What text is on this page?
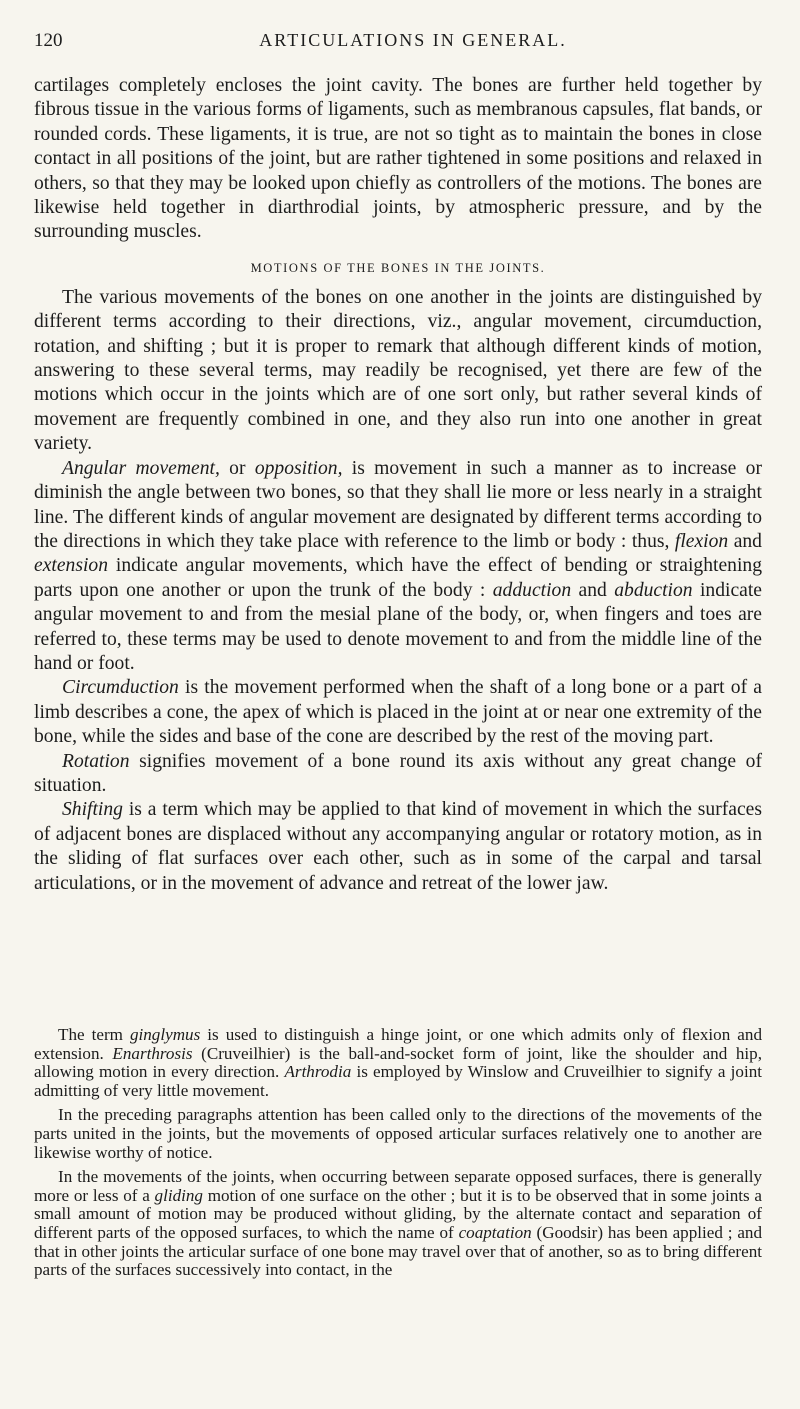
120	ARTICULATIONS IN GENERAL.

cartilages completely encloses the joint cavity. The bones are further held together by fibrous tissue in the various forms of ligaments, such as membranous capsules, flat bands, or rounded cords. These ligaments, it is true, are not so tight as to maintain the bones in close contact in all positions of the joint, but are rather tightened in some positions and relaxed in others, so that they may be looked upon chiefly as controllers of the motions. The bones are likewise held together in diarthrodial joints, by atmospheric pressure, and by the surrounding muscles.

MOTIONS OF THE BONES IN THE JOINTS.

The various movements of the bones on one another in the joints are distinguished by different terms according to their directions, viz., angular movement, circumduction, rotation, and shifting ; but it is proper to remark that although different kinds of motion, answering to these several terms, may readily be recognised, yet there are few of the motions which occur in the joints which are of one sort only, but rather several kinds of movement are frequently combined in one, and they also run into one another in great variety.

Angular movement, or opposition, is movement in such a manner as to increase or diminish the angle between two bones, so that they shall lie more or less nearly in a straight line. The different kinds of angular movement are designated by different terms according to the directions in which they take place with reference to the limb or body : thus, flexion and extension indicate angular movements, which have the effect of bending or straightening parts upon one another or upon the trunk of the body : adduction and abduction indicate angular movement to and from the mesial plane of the body, or, when fingers and toes are referred to, these terms may be used to denote movement to and from the middle line of the hand or foot.

Circumduction is the movement performed when the shaft of a long bone or a part of a limb describes a cone, the apex of which is placed in the joint at or near one extremity of the bone, while the sides and base of the cone are described by the rest of the moving part.

Rotation signifies movement of a bone round its axis without any great change of situation.

Shifting is a term which may be applied to that kind of movement in which the surfaces of adjacent bones are displaced without any accompanying angular or rotatory motion, as in the sliding of flat surfaces over each other, such as in some of the carpal and tarsal articulations, or in the movement of advance and retreat of the lower jaw.

The term ginglymus is used to distinguish a hinge joint, or one which admits only of flexion and extension. Enarthrosis (Cruveilhier) is the ball-and-socket form of joint, like the shoulder and hip, allowing motion in every direction. Arthrodia is employed by Winslow and Cruveilhier to signify a joint admitting of very little movement.

In the preceding paragraphs attention has been called only to the directions of the movements of the parts united in the joints, but the movements of opposed articular surfaces relatively one to another are likewise worthy of notice.

In the movements of the joints, when occurring between separate opposed surfaces, there is generally more or less of a gliding motion of one surface on the other ; but it is to be observed that in some joints a small amount of motion may be produced without gliding, by the alternate contact and separation of different parts of the opposed surfaces, to which the name of coaptation (Goodsir) has been applied ; and that in other joints the articular surface of one bone may travel over that of another, so as to bring different parts of the surfaces successively into contact, in the
